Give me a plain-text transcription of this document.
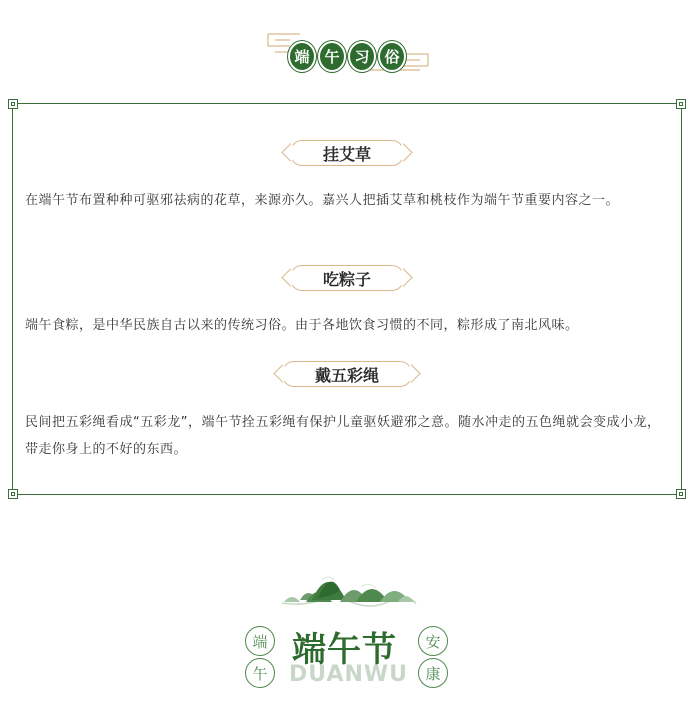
端 午 习 俗
挂艾草
在端午节布置种种可驱邪祛病的花草，来源亦久。嘉兴人把插艾草和桃枝作为端午节重要内容之一。
吃粽子
端午食粽，是中华民族自古以来的传统习俗。由于各地饮食习惯的不同，粽形成了南北风味。
戴五彩绳
民间把五彩绳看成“五彩龙”，端午节拴五彩绳有保护儿童驱妖避邪之意。随水冲走的五色绳就会变成小龙，带走你身上的不好的东西。
端
午
安
康
端午节
DUANWU
